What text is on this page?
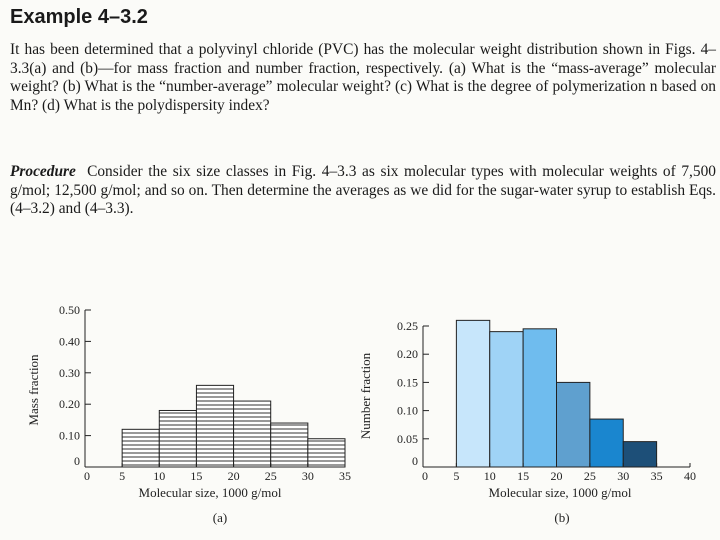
Example 4–3.2
It has been determined that a polyvinyl chloride (PVC) has the molecular weight distribution shown in Figs. 4–3.3(a) and (b)—for mass fraction and number fraction, respectively. (a) What is the “mass-average” molecular weight? (b) What is the “number-average” molecular weight? (c) What is the degree of polymerization n based on Mn? (d) What is the polydispersity index?
Procedure Consider the six size classes in Fig. 4–3.3 as six molecular types with molecular weights of 7,500 g/mol; 12,500 g/mol; and so on. Then determine the averages as we did for the sugar-water syrup to establish Eqs. (4–3.2) and (4–3.3).
0
0.10
0.20
0.30
0.40
0.50
0 5 10 15 20 25 30 35
Molecular size, 1000 g/mol
Mass fraction
(a)
0
0.05
0.10
0.15
0.20
0.25
0 5 10 15 20 25 30 35 40
Molecular size, 1000 g/mol
Number fraction
(b)
